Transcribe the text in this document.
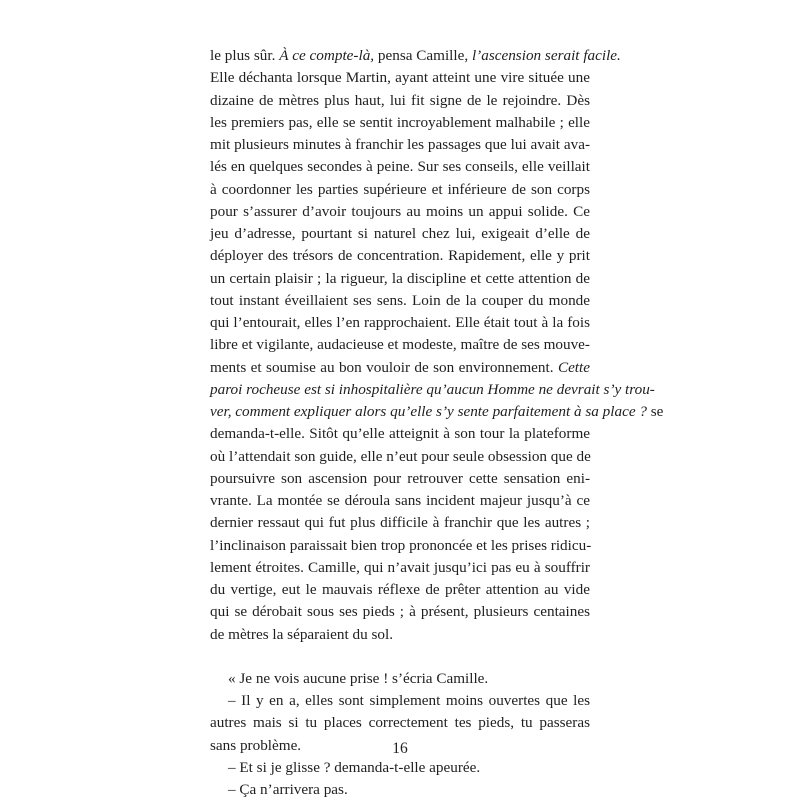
le plus sûr. À ce compte-là, pensa Camille, l’ascension serait facile.
Elle déchanta lorsque Martin, ayant atteint une vire située une
dizaine de mètres plus haut, lui fit signe de le rejoindre. Dès
les premiers pas, elle se sentit incroyablement malhabile ; elle
mit plusieurs minutes à franchir les passages que lui avait ava-
lés en quelques secondes à peine. Sur ses conseils, elle veillait
à coordonner les parties supérieure et inférieure de son corps
pour s’assurer d’avoir toujours au moins un appui solide. Ce
jeu d’adresse, pourtant si naturel chez lui, exigeait d’elle de
déployer des trésors de concentration. Rapidement, elle y prit
un certain plaisir ; la rigueur, la discipline et cette attention de
tout instant éveillaient ses sens. Loin de la couper du monde
qui l’entourait, elles l’en rapprochaient. Elle était tout à la fois
libre et vigilante, audacieuse et modeste, maître de ses mouve-
ments et soumise au bon vouloir de son environnement. Cette
paroi rocheuse est si inhospitalière qu’aucun Homme ne devrait s’y trou-
ver, comment expliquer alors qu’elle s’y sente parfaitement à sa place ? se
demanda-t-elle. Sitôt qu’elle atteignit à son tour la plateforme
où l’attendait son guide, elle n’eut pour seule obsession que de
poursuivre son ascension pour retrouver cette sensation eni-
vrante. La montée se déroula sans incident majeur jusqu’à ce
dernier ressaut qui fut plus difficile à franchir que les autres ;
l’inclinaison paraissait bien trop prononcée et les prises ridicu-
lement étroites. Camille, qui n’avait jusqu’ici pas eu à souffrir
du vertige, eut le mauvais réflexe de prêter attention au vide
qui se dérobait sous ses pieds ; à présent, plusieurs centaines
de mètres la séparaient du sol.
« Je ne vois aucune prise ! s’écria Camille.
– Il y en a, elles sont simplement moins ouvertes que les
autres mais si tu places correctement tes pieds, tu passeras
sans problème.
– Et si je glisse ? demanda-t-elle apeurée.
– Ça n’arrivera pas.
16
